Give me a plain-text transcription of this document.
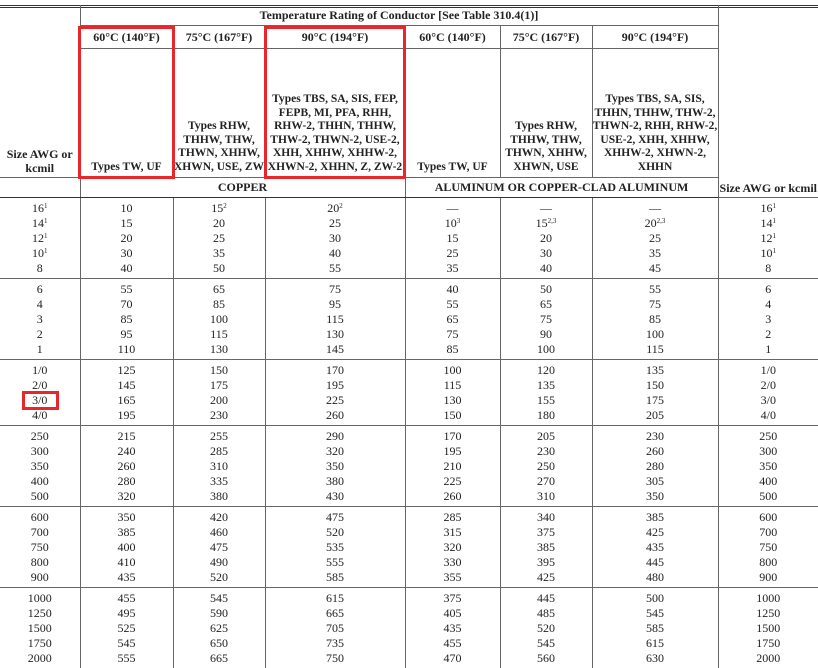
Size AWG or kcmil	Temperature Rating of Conductor [See Table 310.4(1)]						Size AWG or kcmil
	60°C (140°F)	75°C (167°F)	90°C (194°F)	60°C (140°F)	75°C (167°F)	90°C (194°F)	
	Types TW, UF	Types RHW, THHW, THW, THWN, XHHW, XHWN, USE, ZW	Types TBS, SA, SIS, FEP, FEPB, MI, PFA, RHH, RHW-2, THHN, THHW, THW-2, THWN-2, USE-2, XHH, XHHW, XHHW-2, XHWN-2, XHHN, Z, ZW-2	Types TW, UF	Types RHW, THHW, THW, THWN, XHHW, XHWN, USE	Types TBS, SA, SIS, THHN, THHW, THW-2, THWN-2, RHH, RHW-2, USE-2, XHH, XHHW, XHHW-2, XHWN-2, XHHN	
	COPPER			ALUMINUM OR COPPER-CLAD ALUMINUM			
$16^1$	10	$15^2$	$20^2$	—	—	—	$16^1$
$14^1$	15	20	25	$10^3$	15$^{2,3}$	20$^{2,3}$	$14^1$
$12^1$	20	25	30	15	20	25	$12^1$
$10^1$	30	35	40	25	30	35	$10^1$
8	40	50	55	35	40	45	8
6	55	65	75	40	50	55	6
4	70	85	95	55	65	75	4
3	85	100	115	65	75	85	3
2	95	115	130	75	90	100	2
1	110	130	145	85	100	115	1
1/0	125	150	170	100	120	135	1/0
2/0	145	175	195	115	135	150	2/0
3/0	165	200	225	130	155	175	3/0
4/0	195	230	260	150	180	205	4/0
250	215	255	290	170	205	230	250
300	240	285	320	195	230	260	300
350	260	310	350	210	250	280	350
400	280	335	380	225	270	305	400
500	320	380	430	260	310	350	500
600	350	420	475	285	340	385	600
700	385	460	520	315	375	425	700
750	400	475	535	320	385	435	750
800	410	490	555	330	395	445	800
900	435	520	585	355	425	480	900
1000	455	545	615	375	445	500	1000
1250	495	590	665	405	485	545	1250
1500	525	625	705	435	520	585	1500
1750	545	650	735	455	545	615	1750
2000	555	665	750	470	560	630	2000
